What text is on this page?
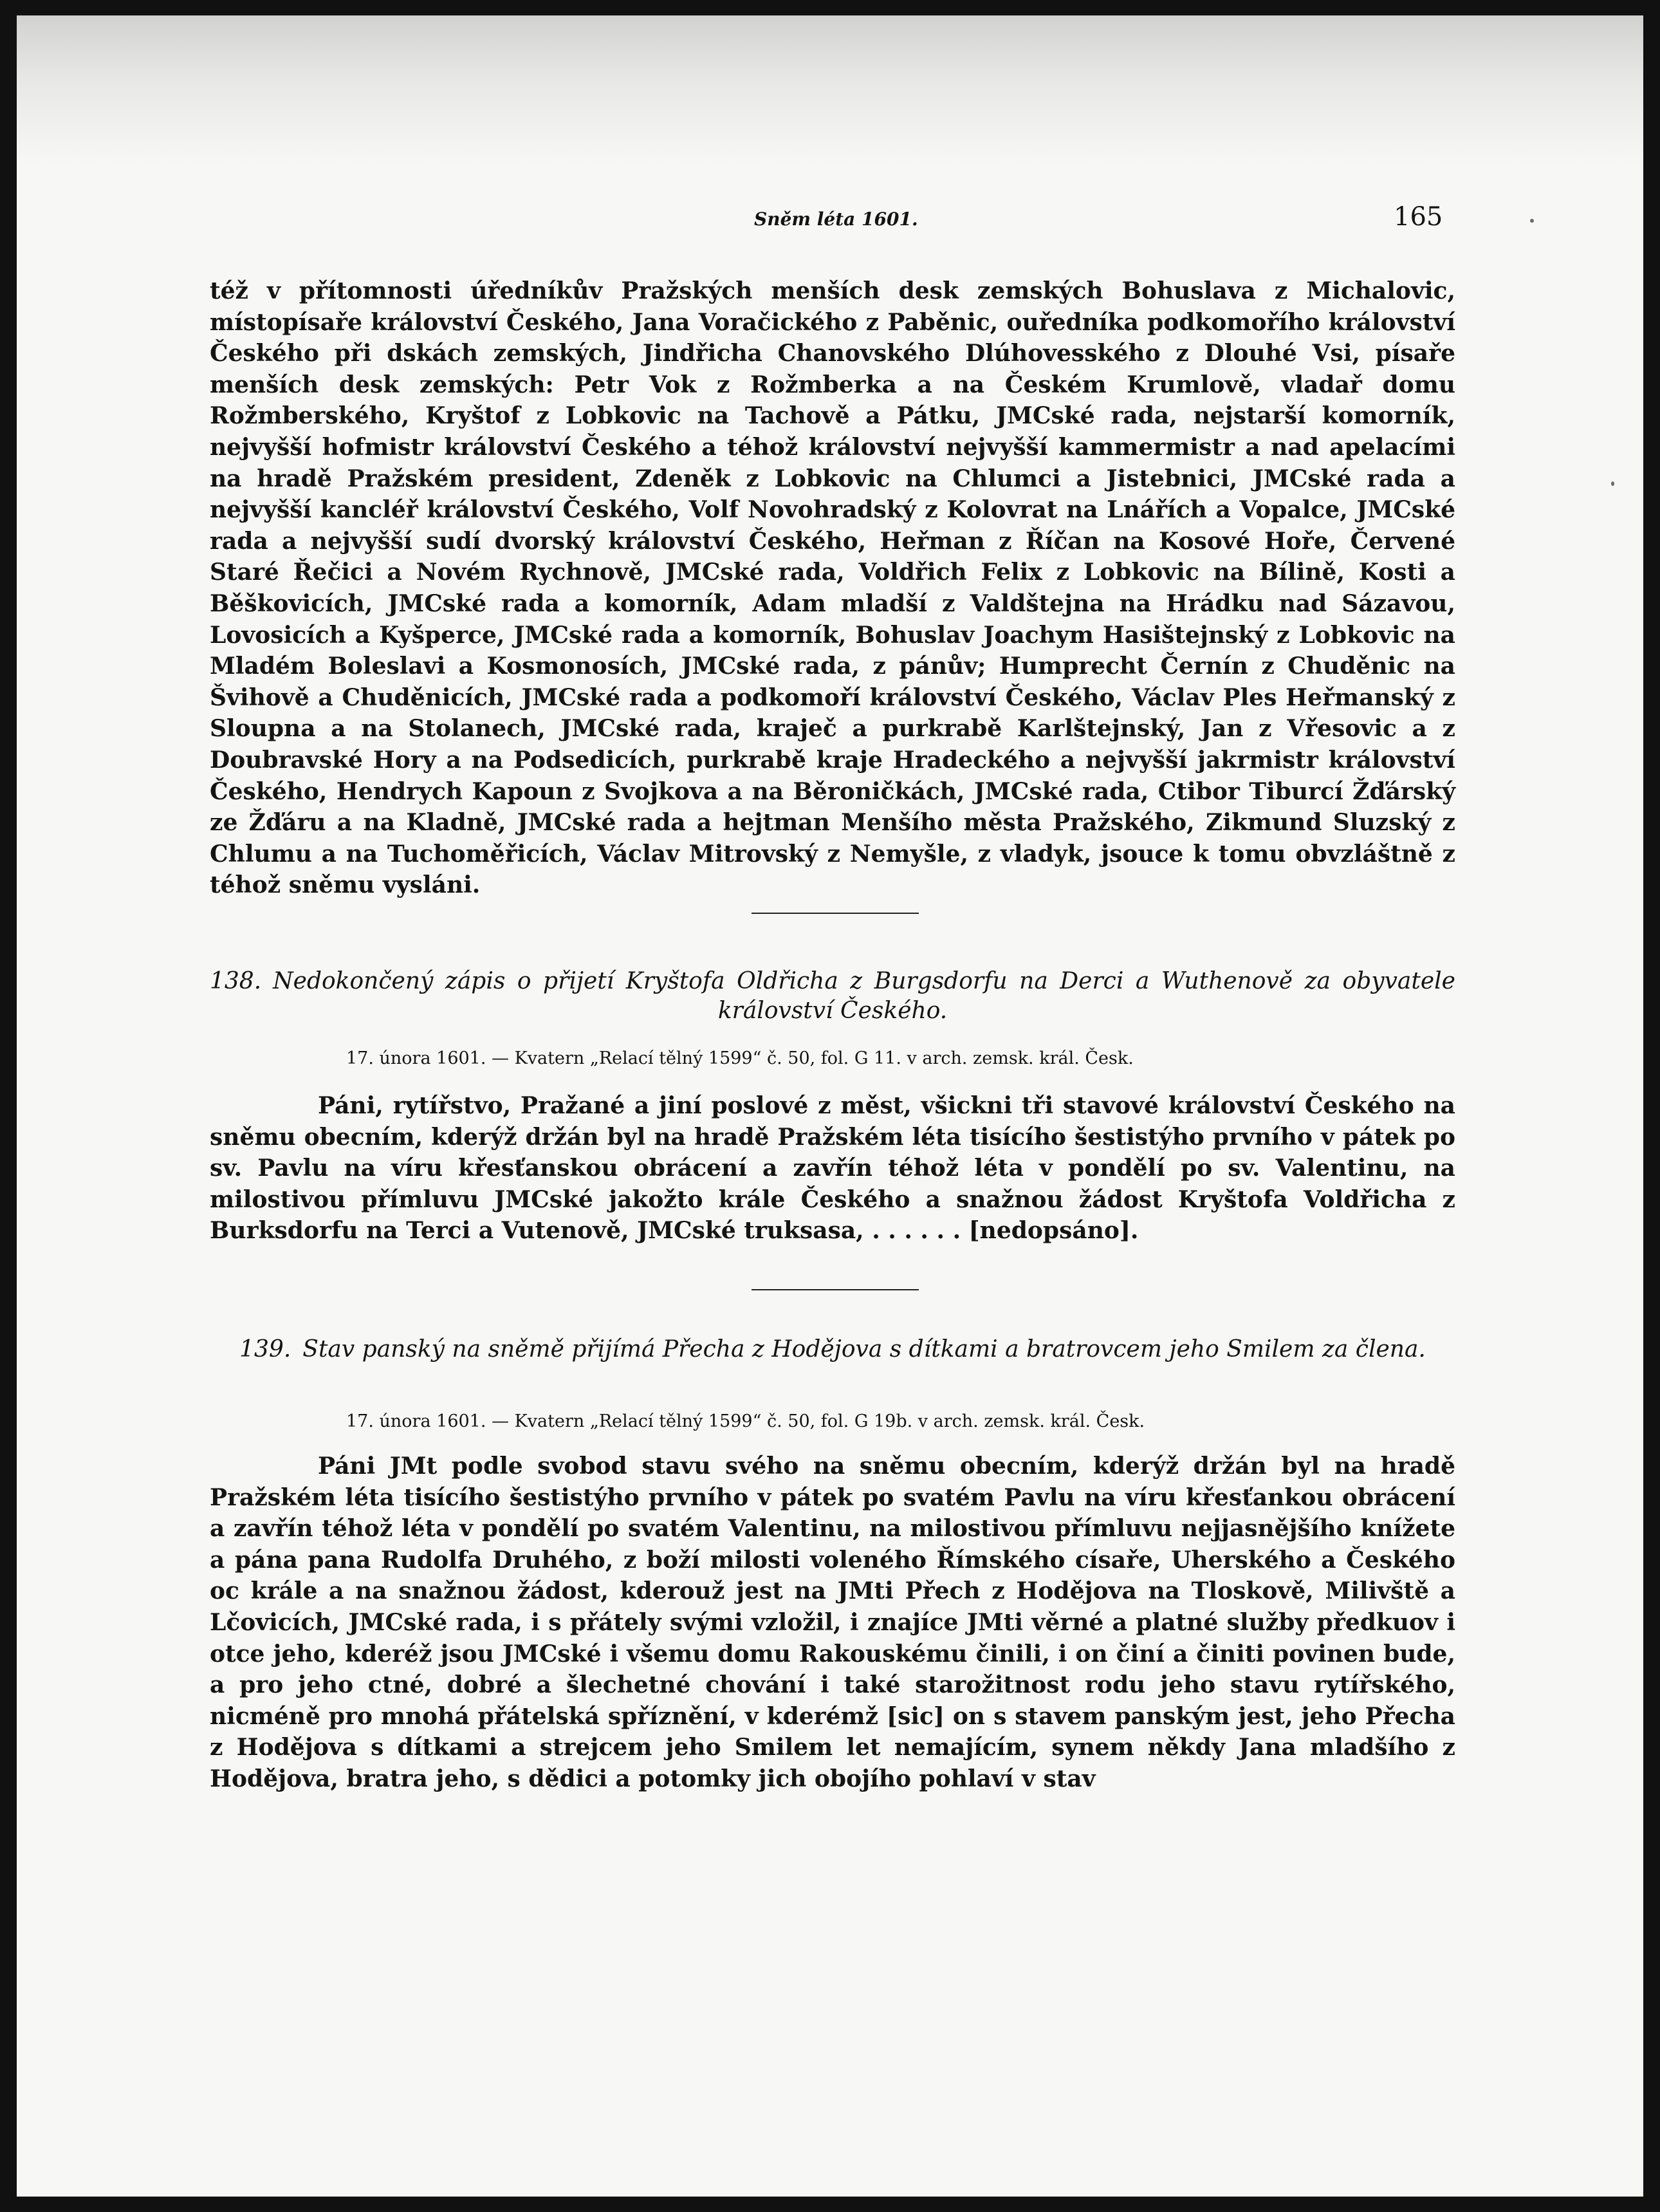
Sněm léta 1601.	165

též v přítomnosti úředníkův Pražských menších desk zemských Bohuslava z Michalovic, místopísaře království Českého, Jana Voračického z Paběnic, ouředníka podkomořího království Českého při dskách zemských, Jindřicha Chanovského Dlúhovesského z Dlouhé Vsi, písaře menších desk zemských: Petr Vok z Rožmberka a na Českém Krumlově, vladař domu Rožmberského, Kryštof z Lobkovic na Tachově a Pátku, JMCské rada, nejstarší komorník, nejvyšší hofmistr království Českého a téhož království nejvyšší kammermistr a nad apelacími na hradě Pražském president, Zdeněk z Lobkovic na Chlumci a Jistebnici, JMCské rada a nejvyšší kancléř království Českého, Volf Novohradský z Kolovrat na Lnářích a Vopalce, JMCské rada a nejvyšší sudí dvorský království Českého, Heřman z Říčan na Kosové Hoře, Červené Staré Řečici a Novém Rychnově, JMCské rada, Voldřich Felix z Lobkovic na Bílině, Kosti a Běškovicích, JMCské rada a komorník, Adam mladší z Valdštejna na Hrádku nad Sázavou, Lovosicích a Kyšperce, JMCské rada a komorník, Bohuslav Joachym Hasištejnský z Lobkovic na Mladém Boleslavi a Kosmonosích, JMCské rada, z pánův; Humprecht Černín z Chuděnic na Švihově a Chuděnicích, JMCské rada a podkomoří království Českého, Václav Ples Heřmanský z Sloupna a na Stolanech, JMCské rada, kraječ a purkrabě Karlštejnský, Jan z Vřesovic a z Doubravské Hory a na Podsedicích, purkrabě kraje Hradeckého a nejvyšší jakrmistr království Českého, Hendrych Kapoun z Svojkova a na Běroničkách, JMCské rada, Ctibor Tiburcí Žďárský ze Žďáru a na Kladně, JMCské rada a hejtman Menšího města Pražského, Zikmund Sluzský z Chlumu a na Tuchoměřicích, Václav Mitrovský z Nemyšle, z vladyk, jsouce k tomu obvzláštně z téhož sněmu vysláni.

138. Nedokončený zápis o přijetí Kryštofa Oldřicha z Burgsdorfu na Derci a Wuthenově za obyvatele království Českého.
17. února 1601. — Kvatern „Relací tělný 1599“ č. 50, fol. G 11. v arch. zemsk. král. Česk.

Páni, rytířstvo, Pražané a jiní poslové z měst, všickni tři stavové království Českého na sněmu obecním, kderýž držán byl na hradě Pražském léta tisícího šestistýho prvního v pátek po sv. Pavlu na víru křesťanskou obrácení a zavřín téhož léta v pondělí po sv. Valentinu, na milostivou přímluvu JMCské jakožto krále Českého a snažnou žádost Kryštofa Voldřicha z Burksdorfu na Terci a Vutenově, JMCské truksasa, . . . . . . [nedopsáno].

139. Stav panský na sněmě přijímá Přecha z Hodějova s dítkami a bratrovcem jeho Smilem za člena.
17. února 1601. — Kvatern „Relací tělný 1599“ č. 50, fol. G 19b. v arch. zemsk. král. Česk.

Páni JMt podle svobod stavu svého na sněmu obecním, kderýž držán byl na hradě Pražském léta tisícího šestistýho prvního v pátek po svatém Pavlu na víru křesťankou obrácení a zavřín téhož léta v pondělí po svatém Valentinu, na milostivou přímluvu nejjasnějšího knížete a pána pana Rudolfa Druhého, z boží milosti voleného Římského císaře, Uherského a Českého oc krále a na snažnou žádost, kderouž jest na JMti Přech z Hodějova na Tloskově, Milivště a Lčovicích, JMCské rada, i s přátely svými vzložil, i znajíce JMti věrné a platné služby předkuov i otce jeho, kderéž jsou JMCské i všemu domu Rakouskému činili, i on činí a činiti povinen bude, a pro jeho ctné, dobré a šlechetné chování i také starožitnost rodu jeho stavu rytířského, nicméně pro mnohá přátelská spříznění, v kderémž [sic] on s stavem panským jest, jeho Přecha z Hodějova s dítkami a strejcem jeho Smilem let nemajícím, synem někdy Jana mladšího z Hodějova, bratra jeho, s dědici a potomky jich obojího pohlaví v stav
